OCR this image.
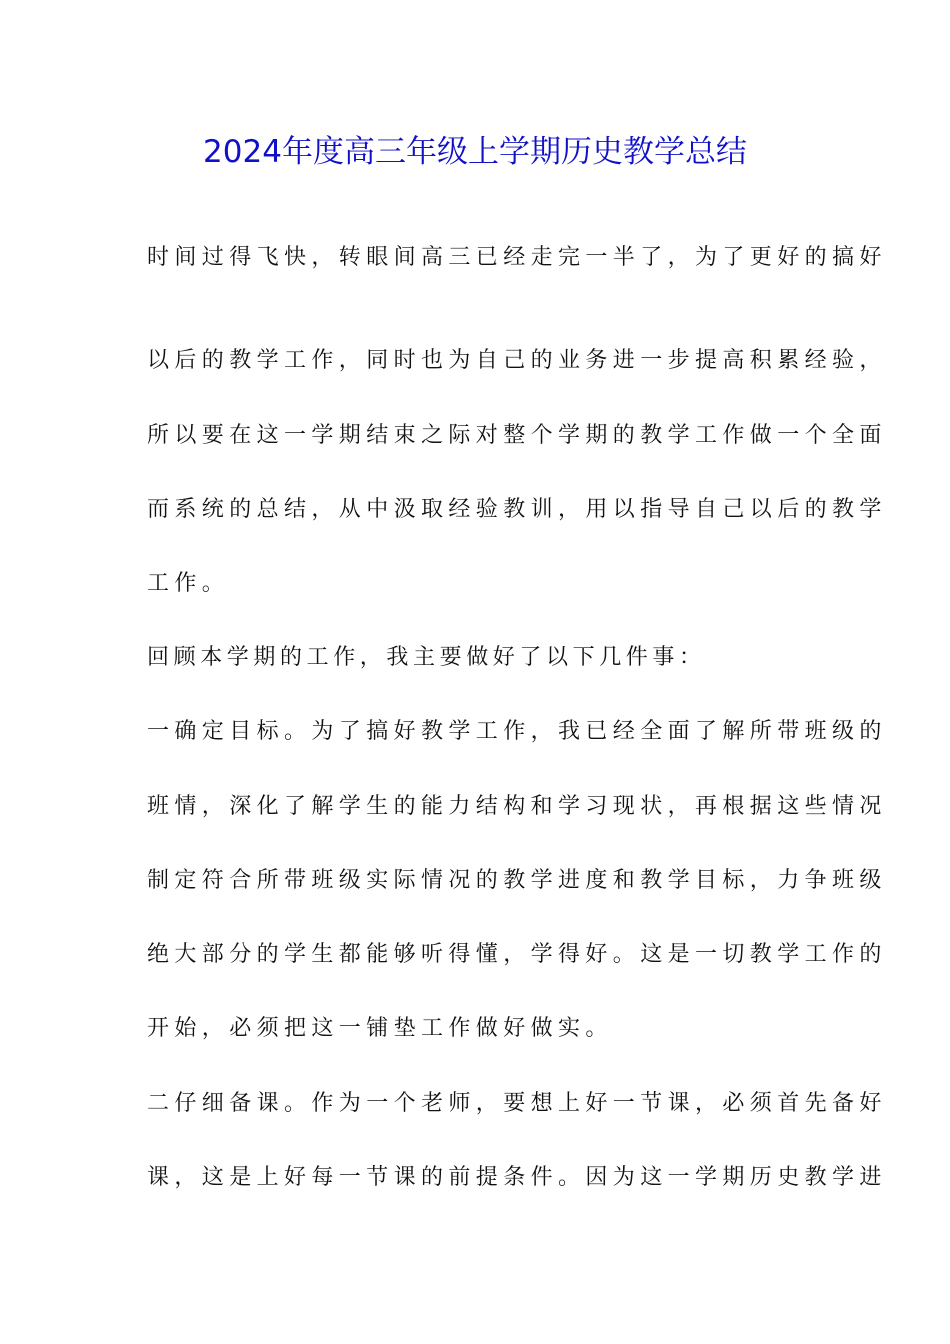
2024年度高三年级上学期历史教学总结
时间过得飞快，转眼间高三已经走完一半了，为了更好的搞好
以后的教学工作，同时也为自己的业务进一步提高积累经验，
所以要在这一学期结束之际对整个学期的教学工作做一个全面
而系统的总结，从中汲取经验教训，用以指导自己以后的教学
工作。
回顾本学期的工作，我主要做好了以下几件事：
一确定目标。为了搞好教学工作，我已经全面了解所带班级的
班情，深化了解学生的能力结构和学习现状，再根据这些情况
制定符合所带班级实际情况的教学进度和教学目标，力争班级
绝大部分的学生都能够听得懂，学得好。这是一切教学工作的
开始，必须把这一铺垫工作做好做实。
二仔细备课。作为一个老师，要想上好一节课，必须首先备好
课，这是上好每一节课的前提条件。因为这一学期历史教学进
